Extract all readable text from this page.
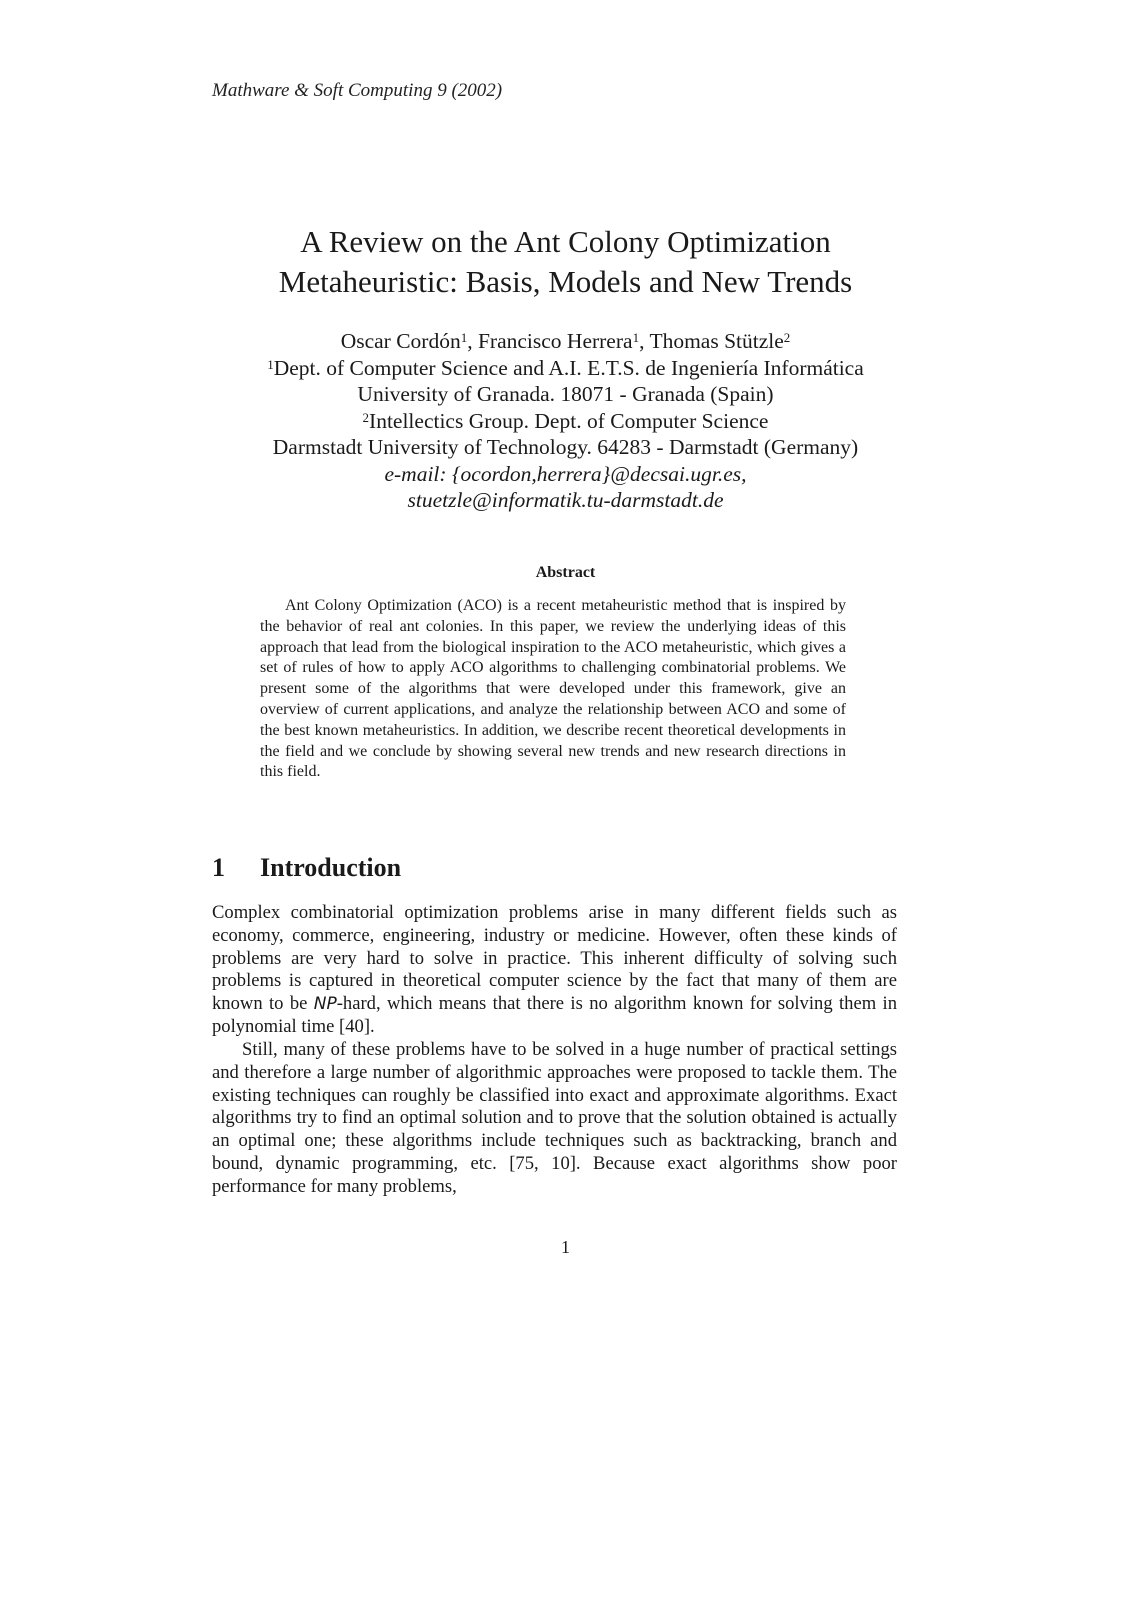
Mathware & Soft Computing 9 (2002)
A Review on the Ant Colony Optimization
Metaheuristic: Basis, Models and New Trends
Oscar Cordón$^1$, Francisco Herrera$^1$, Thomas Stützle$^2$
$^1$Dept. of Computer Science and A.I. E.T.S. de Ingeniería Informática
University of Granada. 18071 - Granada (Spain)
$^2$Intellectics Group. Dept. of Computer Science
Darmstadt University of Technology. 64283 - Darmstadt (Germany)
e-mail: {ocordon,herrera}@decsai.ugr.es,
stuetzle@informatik.tu-darmstadt.de
Abstract

Ant Colony Optimization (ACO) is a recent metaheuristic method that is inspired by the behavior of real ant colonies. In this paper, we review the underlying ideas of this approach that lead from the biological inspiration to the ACO metaheuristic, which gives a set of rules of how to apply ACO algorithms to challenging combinatorial problems. We present some of the algorithms that were developed under this framework, give an overview of current applications, and analyze the relationship between ACO and some of the best known metaheuristics. In addition, we describe recent theoretical developments in the field and we conclude by showing several new trends and new research directions in this field.

1 Introduction

Complex combinatorial optimization problems arise in many different fields such as economy, commerce, engineering, industry or medicine. However, often these kinds of problems are very hard to solve in practice. This inherent difficulty of solving such problems is captured in theoretical computer science by the fact that many of them are known to be NP-hard, which means that there is no algorithm known for solving them in polynomial time [40].

Still, many of these problems have to be solved in a huge number of practical settings and therefore a large number of algorithmic approaches were proposed to tackle them. The existing techniques can roughly be classified into exact and approximate algorithms. Exact algorithms try to find an optimal solution and to prove that the solution obtained is actually an optimal one; these algorithms include techniques such as backtracking, branch and bound, dynamic programming, etc. [75, 10]. Because exact algorithms show poor performance for many problems,

1
